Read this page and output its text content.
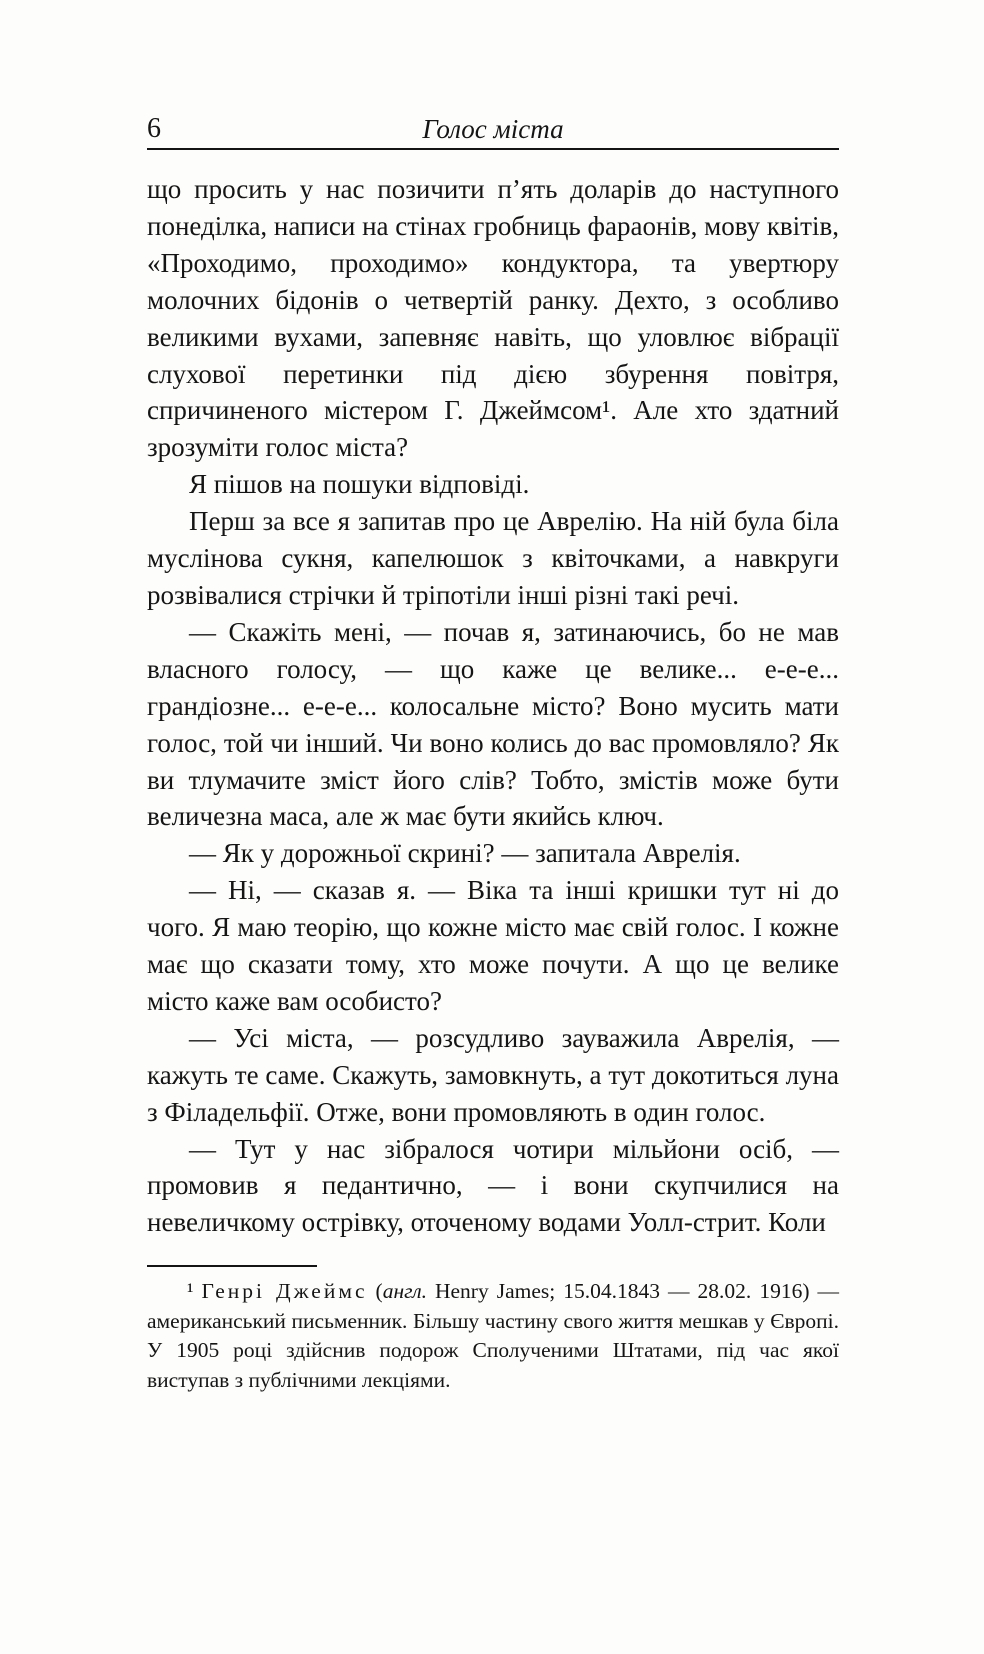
6	Голос міста

що просить у нас позичити п’ять доларів до наступного понеділка, написи на стінах гробниць фараонів, мову квітів, «Проходимо, проходимо» кондуктора, та увертюру молочних бідонів о четвертій ранку. Дехто, з особливо великими вухами, запевняє навіть, що уловлює вібрації слухової перетинки під дією збурення повітря, спричиненого містером Г. Джеймсом¹. Але хто здатний зрозуміти голос міста?

Я пішов на пошуки відповіді.

Перш за все я запитав про це Аврелію. На ній була біла муслінова сукня, капелюшок з квіточками, а навкруги розвівалися стрічки й тріпотіли інші різні такі речі.

— Скажіть мені, — почав я, затинаючись, бо не мав власного голосу, — що каже це велике... е-е-е... грандіозне... е-е-е... колосальне місто? Воно мусить мати голос, той чи інший. Чи воно колись до вас промовляло? Як ви тлумачите зміст його слів? Тобто, змістів може бути величезна маса, але ж має бути якийсь ключ.

— Як у дорожньої скрині? — запитала Аврелія.

— Ні, — сказав я. — Віка та інші кришки тут ні до чого. Я маю теорію, що кожне місто має свій голос. І кожне має що сказати тому, хто може почути. А що це велике місто каже вам особисто?

— Усі міста, — розсудливо зауважила Аврелія, — кажуть те саме. Скажуть, замовкнуть, а тут докотиться луна з Філадельфії. Отже, вони промовляють в один голос.

— Тут у нас зібралося чотири мільйони осіб, — промовив я педантично, — і вони скупчилися на невеличкому острівку, оточеному водами Уолл-стрит. Коли

¹ Генрі Джеймс (англ. Henry James; 15.04.1843 — 28.02. 1916) — американський письменник. Більшу частину свого життя мешкав у Європі. У 1905 році здійснив подорож Сполученими Штатами, під час якої виступав з публічними лекціями.
